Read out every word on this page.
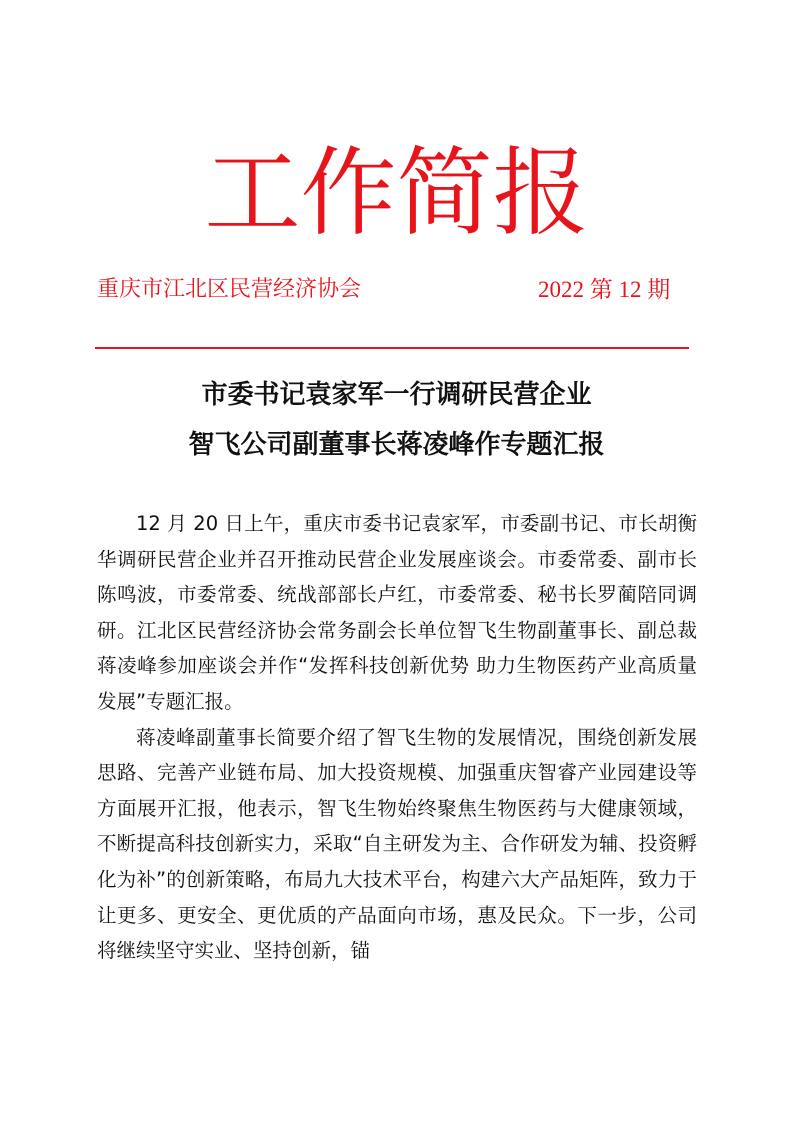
工作简报
重庆市江北区民营经济协会	2022 第 12 期
市委书记袁家军一行调研民营企业
智飞公司副董事长蒋凌峰作专题汇报

12 月 20 日上午，重庆市委书记袁家军，市委副书记、市长胡衡华调研民营企业并召开推动民营企业发展座谈会。市委常委、副市长陈鸣波，市委常委、统战部部长卢红，市委常委、秘书长罗蔺陪同调研。江北区民营经济协会常务副会长单位智飞生物副董事长、副总裁蒋凌峰参加座谈会并作“发挥科技创新优势 助力生物医药产业高质量发展”专题汇报。

蒋凌峰副董事长简要介绍了智飞生物的发展情况，围绕创新发展思路、完善产业链布局、加大投资规模、加强重庆智睿产业园建设等方面展开汇报，他表示，智飞生物始终聚焦生物医药与大健康领域，不断提高科技创新实力，采取“自主研发为主、合作研发为辅、投资孵化为补”的创新策略，布局九大技术平台，构建六大产品矩阵，致力于让更多、更安全、更优质的产品面向市场，惠及民众。下一步，公司将继续坚守实业、坚持创新，锚
